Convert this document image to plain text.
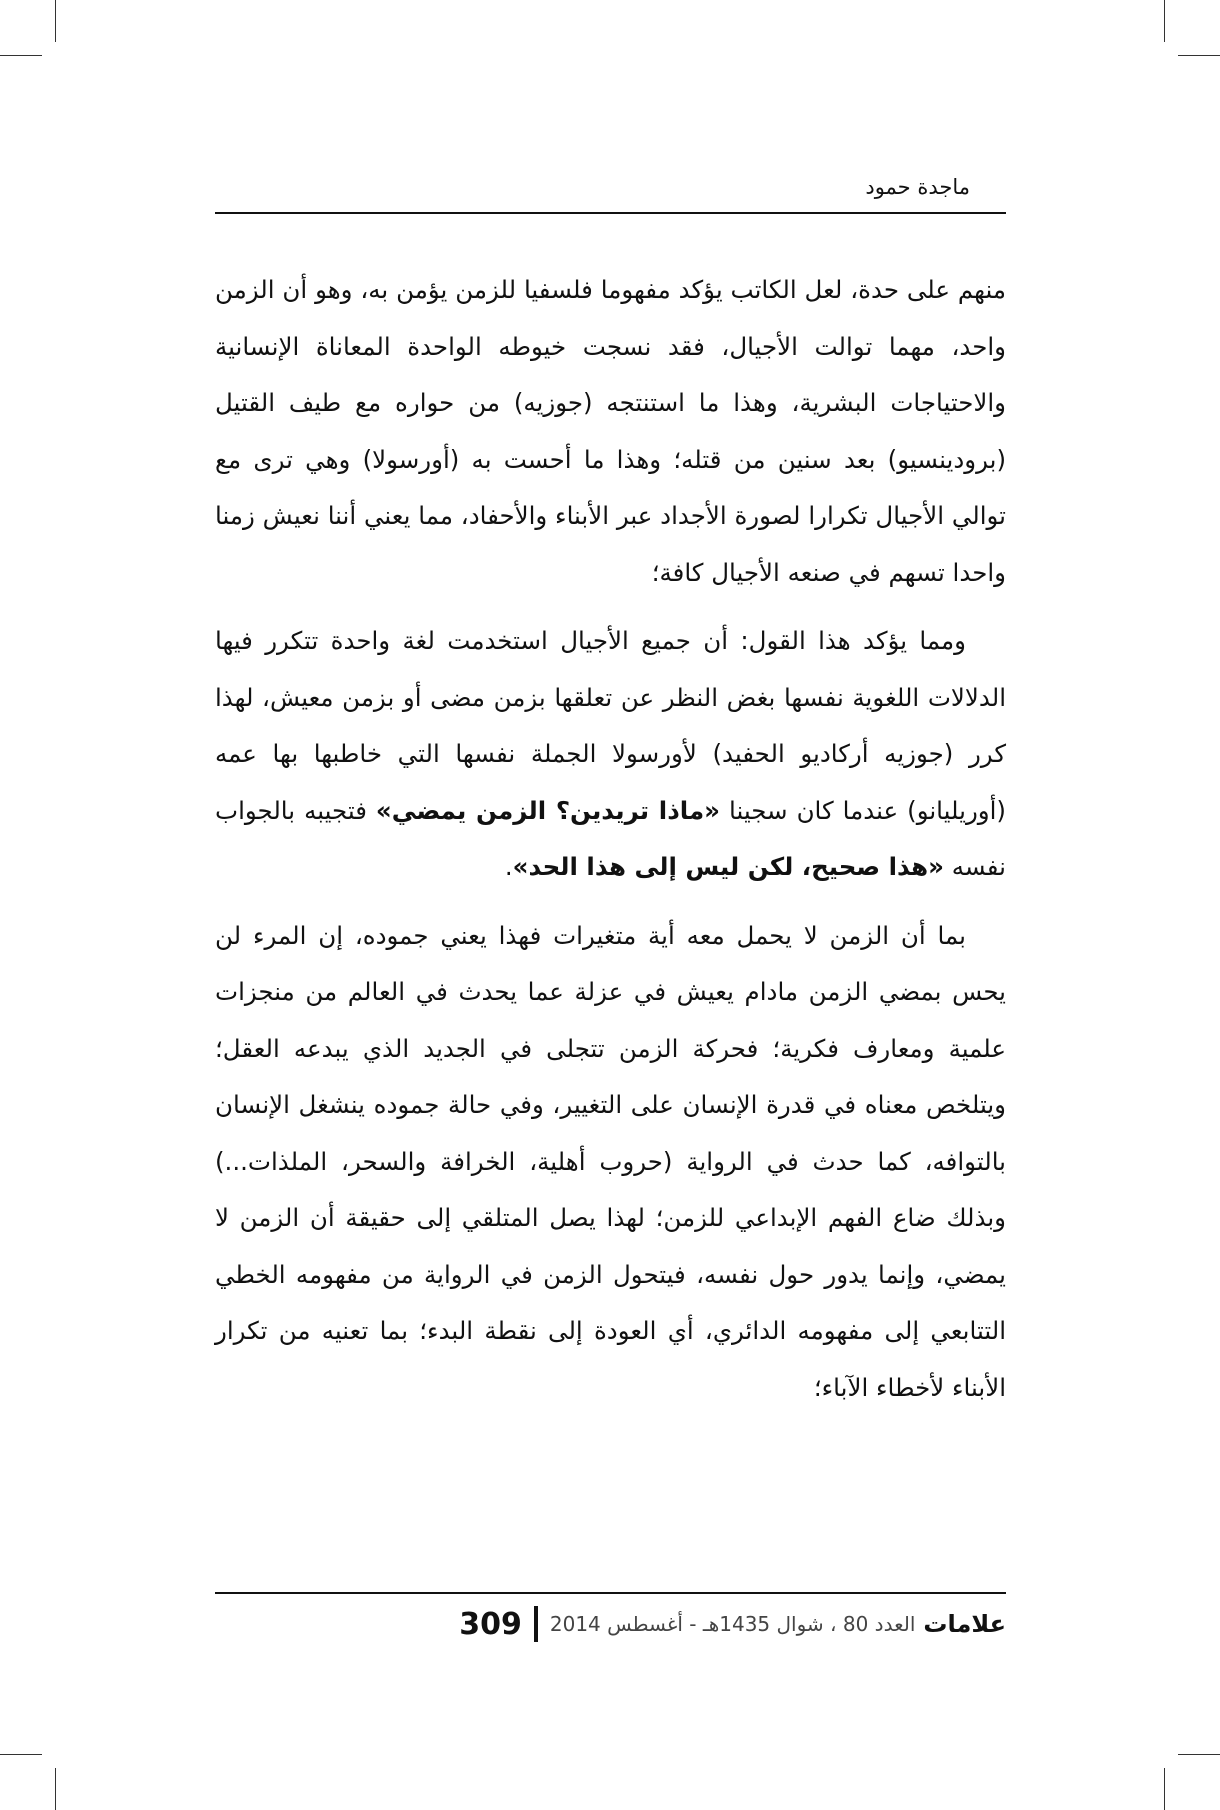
ماجدة حمود

منهم على حدة، لعل الكاتب يؤكد مفهوما فلسفيا للزمن يؤمن به، وهو أن الزمن واحد، مهما توالت الأجيال، فقد نسجت خيوطه الواحدة المعاناة الإنسانية والاحتياجات البشرية، وهذا ما استنتجه (جوزيه) من حواره مع طيف القتيل (برودينسيو) بعد سنين من قتله؛ وهذا ما أحست به (أورسولا) وهي ترى مع توالي الأجيال تكرارا لصورة الأجداد عبر الأبناء والأحفاد، مما يعني أننا نعيش زمنا واحدا تسهم في صنعه الأجيال كافة؛

ومما يؤكد هذا القول: أن جميع الأجيال استخدمت لغة واحدة تتكرر فيها الدلالات اللغوية نفسها بغض النظر عن تعلقها بزمن مضى أو بزمن معيش، لهذا كرر (جوزيه أركاديو الحفيد) لأورسولا الجملة نفسها التي خاطبها بها عمه (أوريليانو) عندما كان سجينا «ماذا تريدين؟ الزمن يمضي» فتجيبه بالجواب نفسه «هذا صحيح، لكن ليس إلى هذا الحد».

بما أن الزمن لا يحمل معه أية متغيرات فهذا يعني جموده، إن المرء لن يحس بمضي الزمن مادام يعيش في عزلة عما يحدث في العالم من منجزات علمية ومعارف فكرية؛ فحركة الزمن تتجلى في الجديد الذي يبدعه العقل؛ ويتلخص معناه في قدرة الإنسان على التغيير، وفي حالة جموده ينشغل الإنسان بالتوافه، كما حدث في الرواية (حروب أهلية، الخرافة والسحر، الملذات...) وبذلك ضاع الفهم الإبداعي للزمن؛ لهذا يصل المتلقي إلى حقيقة أن الزمن لا يمضي، وإنما يدور حول نفسه، فيتحول الزمن في الرواية من مفهومه الخطي التتابعي إلى مفهومه الدائري، أي العودة إلى نقطة البدء؛ بما تعنيه من تكرار الأبناء لأخطاء الآباء؛

علامات
العدد 80 ، شوال 1435هـ - أغسطس 2014
309
